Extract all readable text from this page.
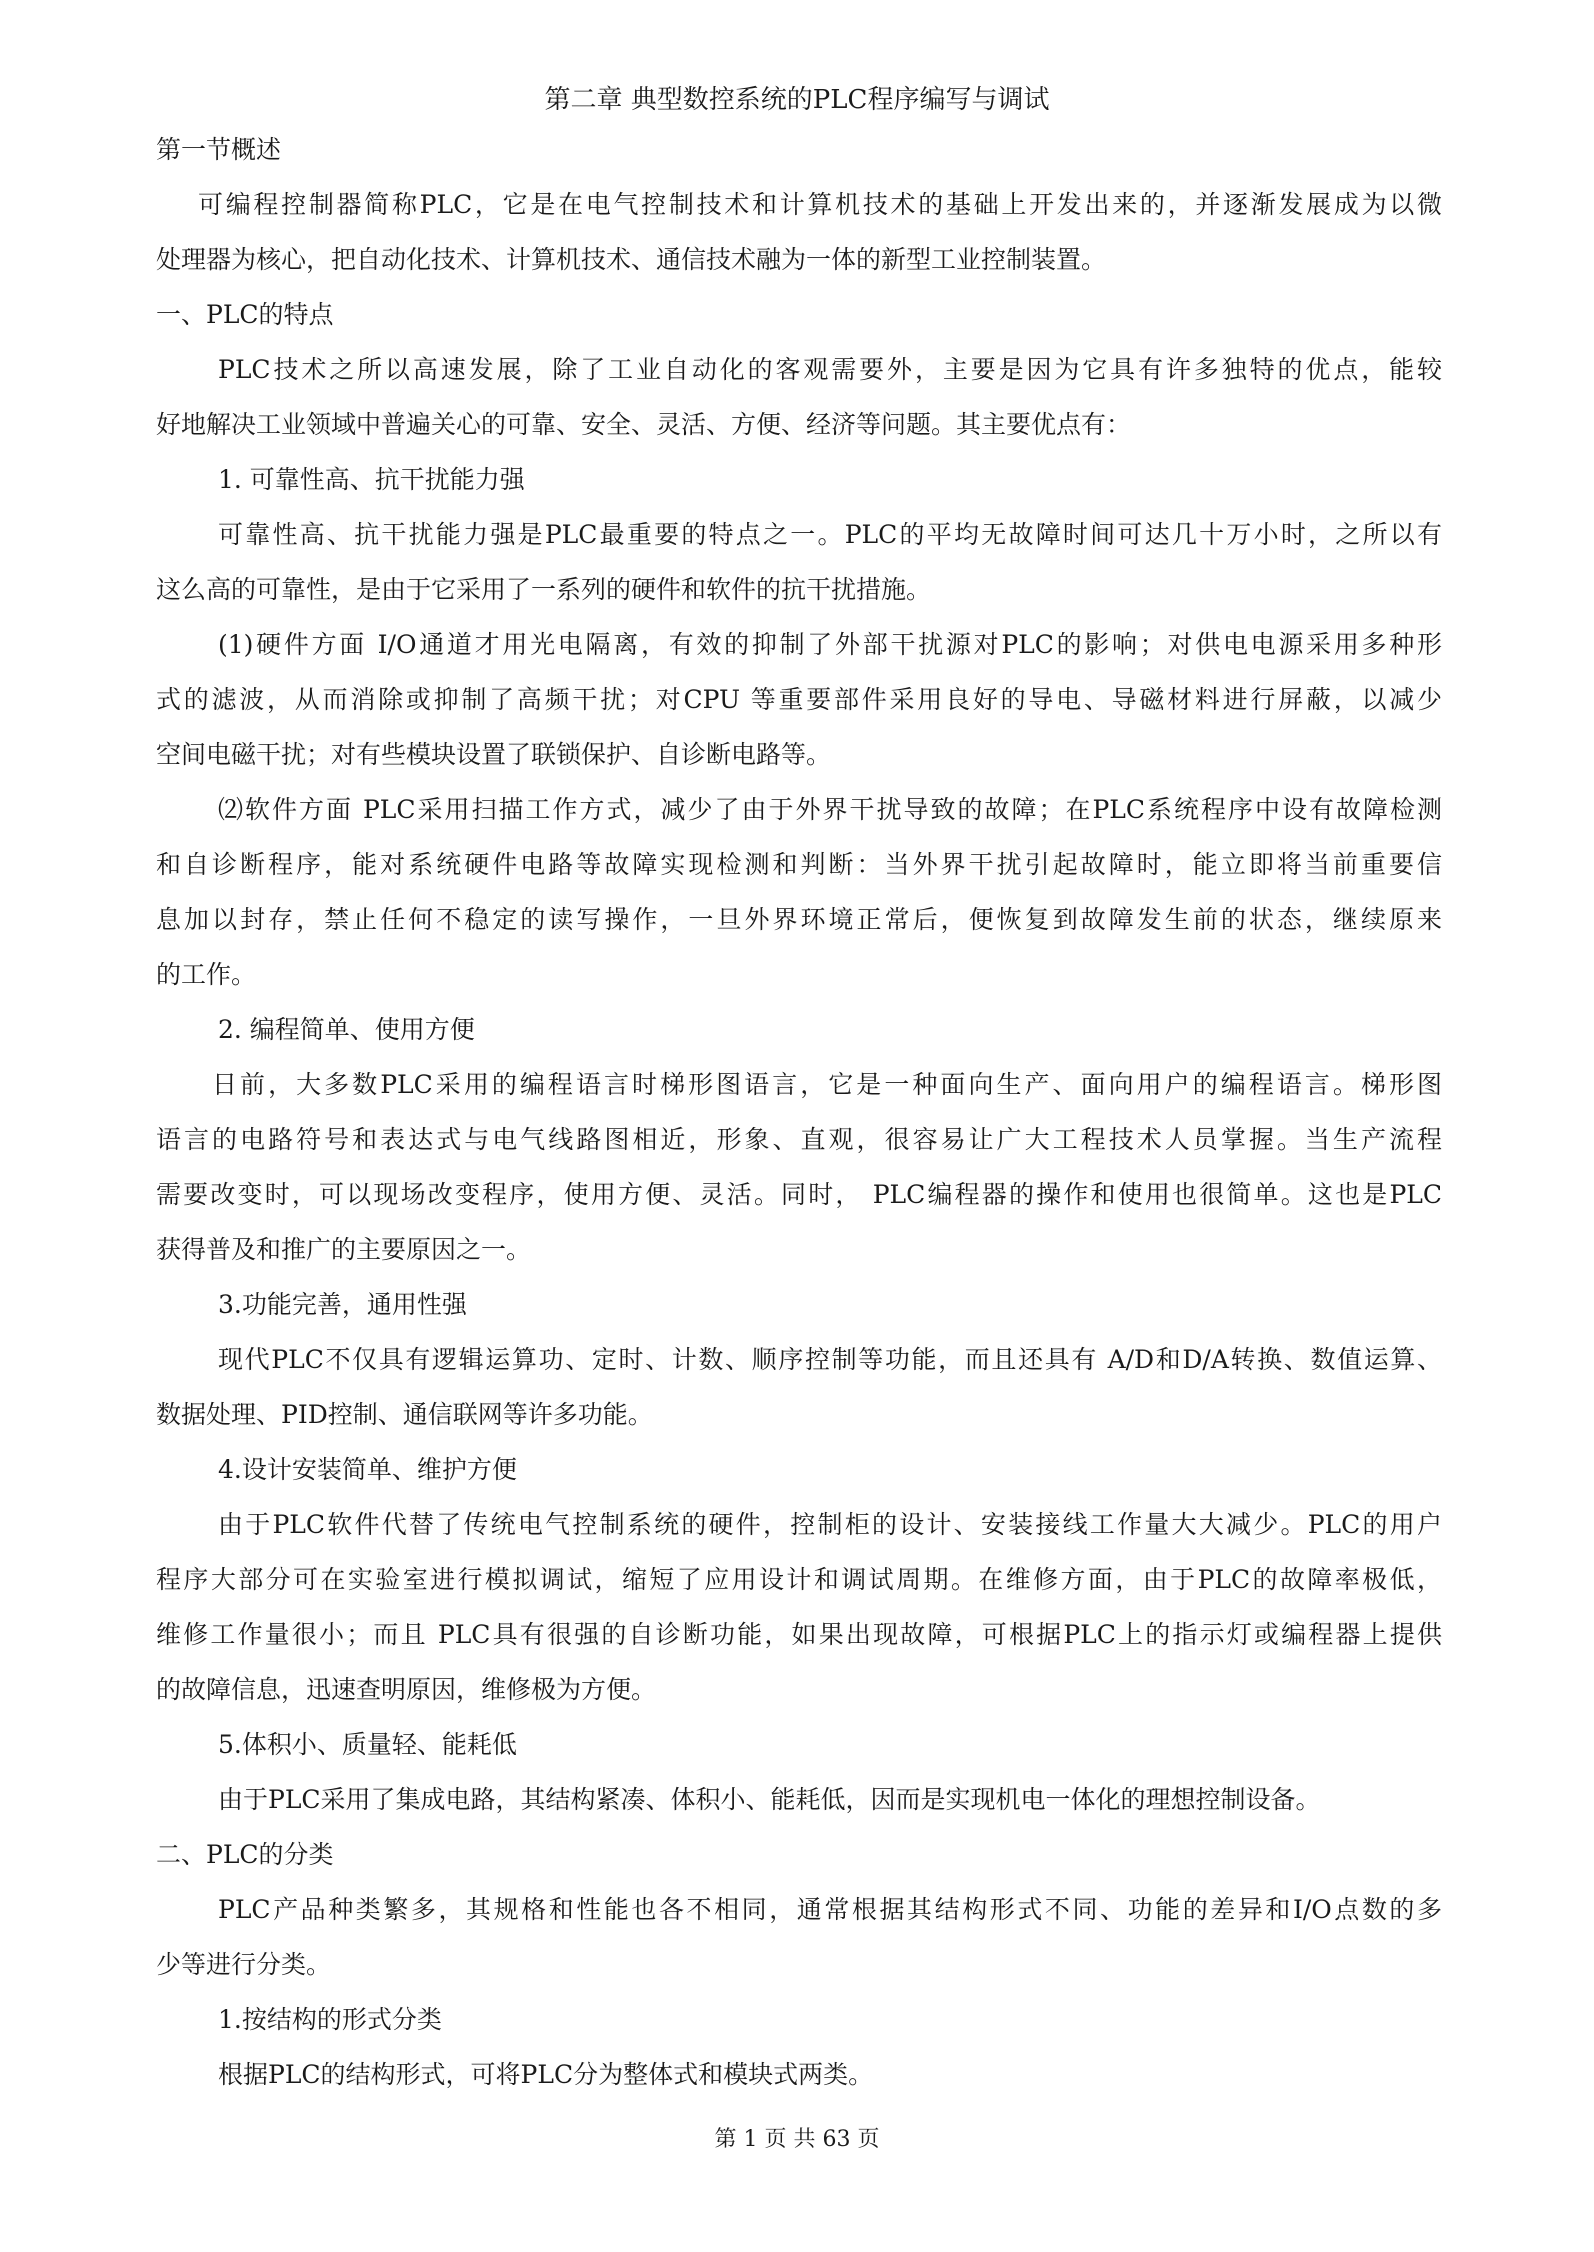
第二章 典型数控系统的PLC程序编写与调试
第一节概述
可编程控制器简称PLC，它是在电气控制技术和计算机技术的基础上开发出来的，并逐渐发展成为以微
处理器为核心，把自动化技术、计算机技术、通信技术融为一体的新型工业控制装置。
一、PLC的特点
PLC技术之所以高速发展，除了工业自动化的客观需要外，主要是因为它具有许多独特的优点，能较
好地解决工业领域中普遍关心的可靠、安全、灵活、方便、经济等问题。其主要优点有：
1. 可靠性高、抗干扰能力强
可靠性高、抗干扰能力强是PLC最重要的特点之一。PLC的平均无故障时间可达几十万小时，之所以有
这么高的可靠性，是由于它采用了一系列的硬件和软件的抗干扰措施。
(1)硬件方面 I/O通道才用光电隔离，有效的抑制了外部干扰源对PLC的影响；对供电电源采用多种形
式的滤波，从而消除或抑制了高频干扰；对CPU 等重要部件采用良好的导电、导磁材料进行屏蔽，以减少
空间电磁干扰；对有些模块设置了联锁保护、自诊断电路等。
⑵软件方面 PLC采用扫描工作方式，减少了由于外界干扰导致的故障；在PLC系统程序中设有故障检测
和自诊断程序，能对系统硬件电路等故障实现检测和判断：当外界干扰引起故障时，能立即将当前重要信
息加以封存，禁止任何不稳定的读写操作，一旦外界环境正常后，便恢复到故障发生前的状态，继续原来
的工作。
2. 编程简单、使用方便
日前，大多数PLC采用的编程语言时梯形图语言，它是一种面向生产、面向用户的编程语言。梯形图
语言的电路符号和表达式与电气线路图相近，形象、直观，很容易让广大工程技术人员掌握。当生产流程
需要改变时，可以现场改变程序，使用方便、灵活。同时， PLC编程器的操作和使用也很简单。这也是PLC
获得普及和推广的主要原因之一。
3.功能完善，通用性强
现代PLC不仅具有逻辑运算功、定时、计数、顺序控制等功能，而且还具有 A/D和D/A转换、数值运算、
数据处理、PID控制、通信联网等许多功能。
4.设计安装简单、维护方便
由于PLC软件代替了传统电气控制系统的硬件，控制柜的设计、安装接线工作量大大减少。PLC的用户
程序大部分可在实验室进行模拟调试，缩短了应用设计和调试周期。在维修方面，由于PLC的故障率极低，
维修工作量很小；而且 PLC具有很强的自诊断功能，如果出现故障，可根据PLC上的指示灯或编程器上提供
的故障信息，迅速查明原因，维修极为方便。
5.体积小、质量轻、能耗低
由于PLC采用了集成电路，其结构紧凑、体积小、能耗低，因而是实现机电一体化的理想控制设备。
二、PLC的分类
PLC产品种类繁多，其规格和性能也各不相同，通常根据其结构形式不同、功能的差异和I/O点数的多
少等进行分类。
1.按结构的形式分类
根据PLC的结构形式，可将PLC分为整体式和模块式两类。
第 1 页 共 63 页
